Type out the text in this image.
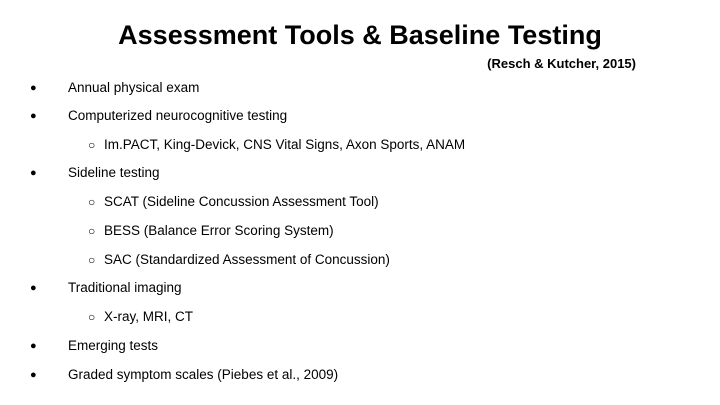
Assessment Tools & Baseline Testing

(Resch & Kutcher, 2015)

● Annual physical exam
● Computerized neurocognitive testing
○ Im.PACT, King-Devick, CNS Vital Signs, Axon Sports, ANAM
● Sideline testing
○ SCAT (Sideline Concussion Assessment Tool)
○ BESS (Balance Error Scoring System)
○ SAC (Standardized Assessment of Concussion)
● Traditional imaging
○ X-ray, MRI, CT
● Emerging tests
● Graded symptom scales (Piebes et al., 2009)
